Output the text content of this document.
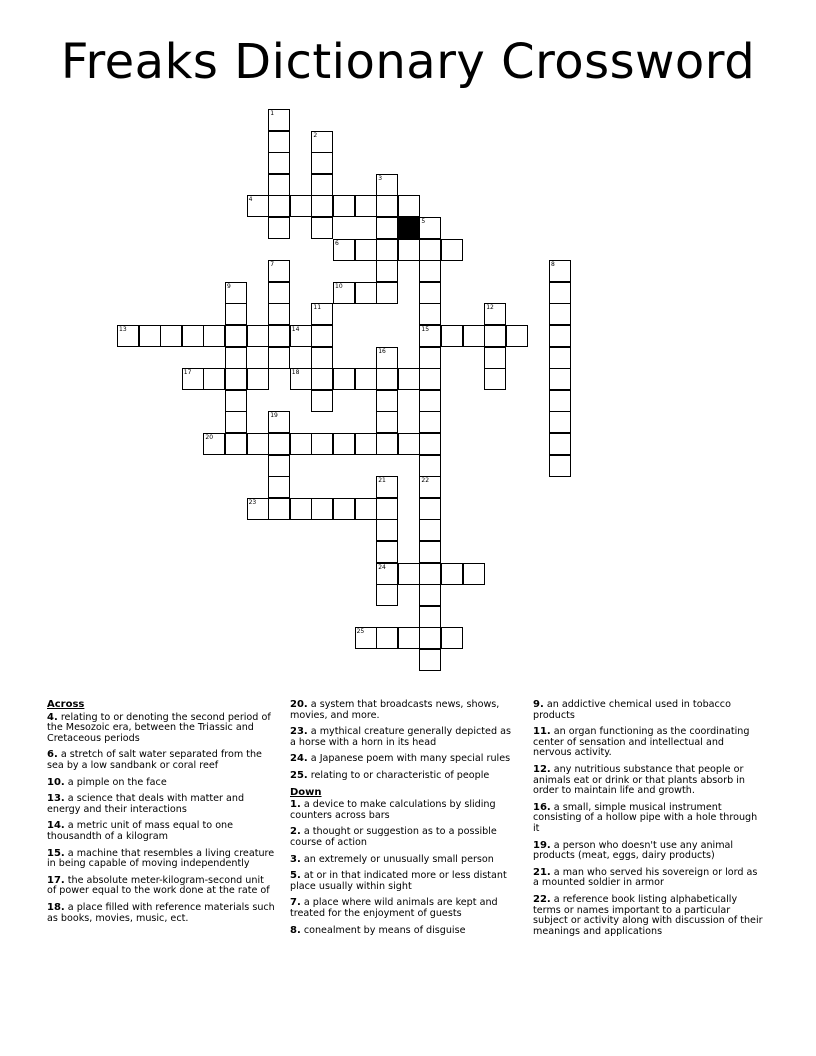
Freaks Dictionary Crossword
4
6
10
13	14	15
17	18
20
23
24
25
1
2
3
5
22
7	8
9
11	12
16
19
21
Across
4. relating to or denoting the second period of the Mesozoic era, between the Triassic and Cretaceous periods
6. a stretch of salt water separated from the sea by a low sandbank or coral reef
10. a pimple on the face
13. a science that deals with matter and energy and their interactions
14. a metric unit of mass equal to one thousandth of a kilogram
15. a machine that resembles a living creature in being capable of moving independently
17. the absolute meter-kilogram-second unit of power equal to the work done at the rate of
18. a place filled with reference materials such as books, movies, music, ect.
20. a system that broadcasts news, shows, movies, and more.
23. a mythical creature generally depicted as a horse with a horn in its head
24. a Japanese poem with many special rules
25. relating to or characteristic of people
Down
1. a device to make calculations by sliding counters across bars
2. a thought or suggestion as to a possible course of action
3. an extremely or unusually small person
5. at or in that indicated more or less distant place usually within sight
7. a place where wild animals are kept and treated for the enjoyment of guests
8. conealment by means of disguise
9. an addictive chemical used in tobacco products
11. an organ functioning as the coordinating center of sensation and intellectual and nervous activity.
12. any nutritious substance that people or animals eat or drink or that plants absorb in order to maintain life and growth.
16. a small, simple musical instrument consisting of a hollow pipe with a hole through it
19. a person who doesn't use any animal products (meat, eggs, dairy products)
21. a man who served his sovereign or lord as a mounted soldier in armor
22. a reference book listing alphabetically terms or names important to a particular subject or activity along with discussion of their meanings and applications
